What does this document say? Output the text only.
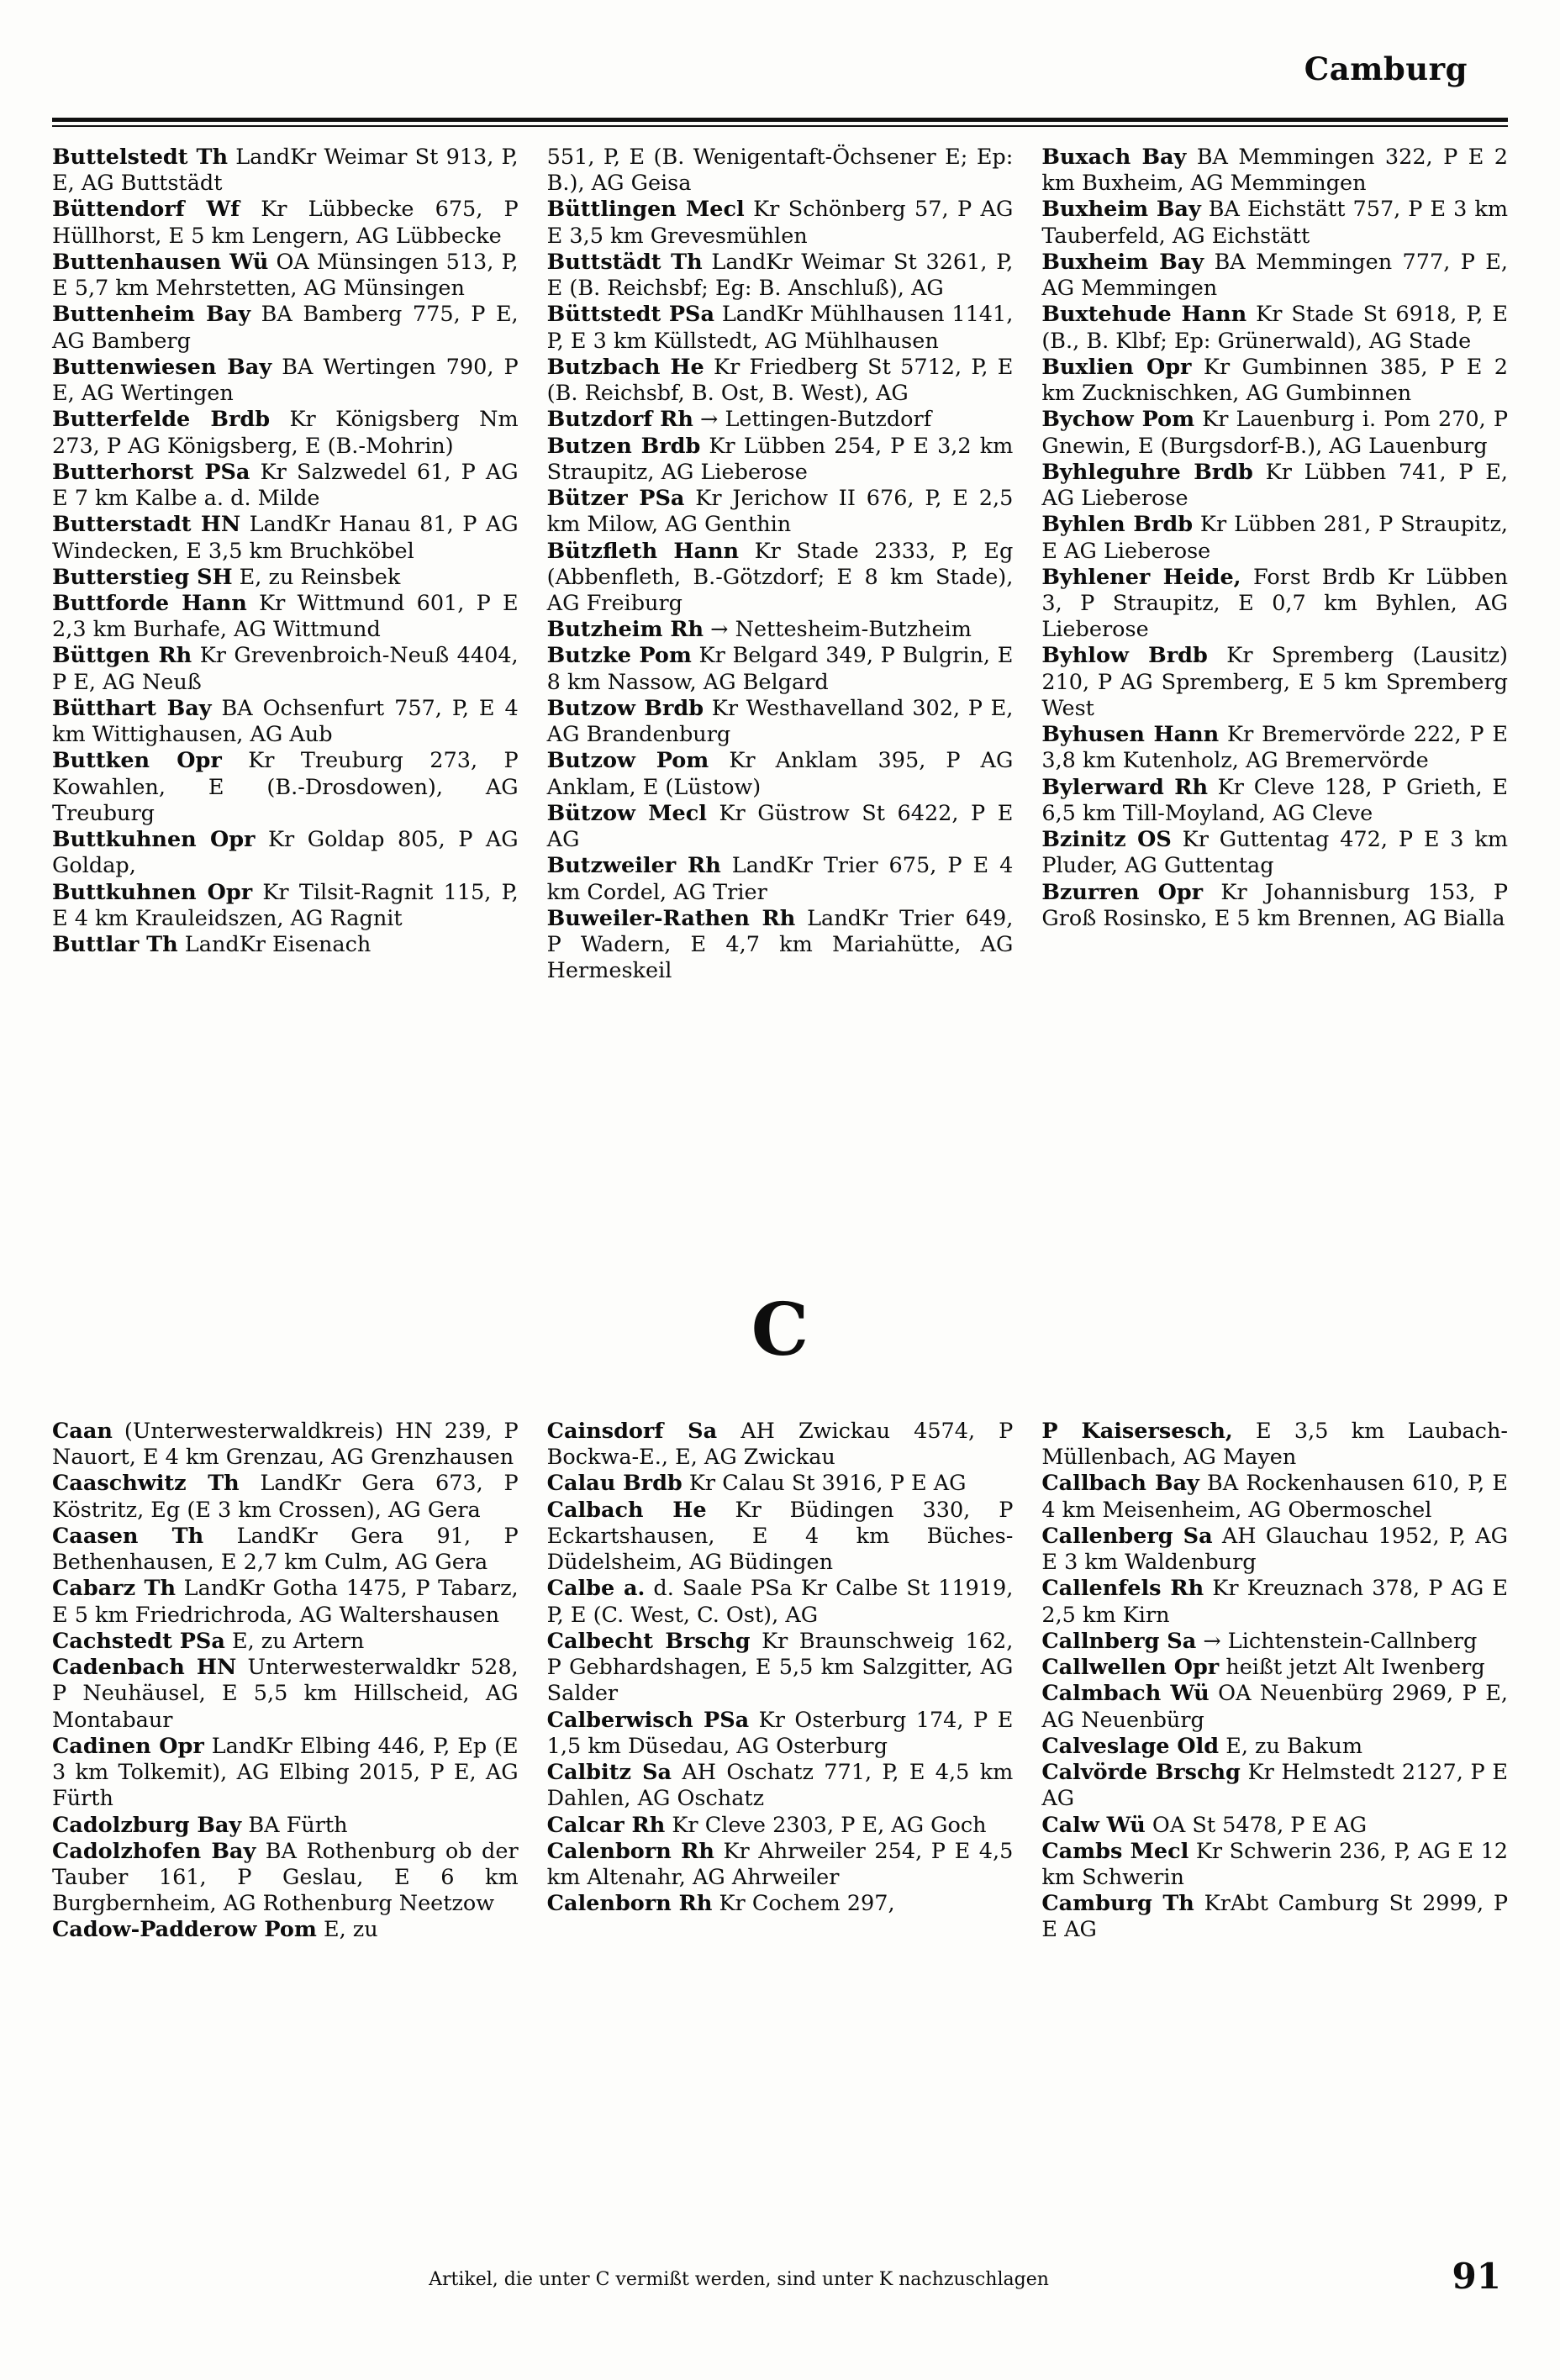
Camburg

Buttelstedt Th LandKr Weimar St 913, P, E, AG Buttstädt

Büttendorf Wf Kr Lübbecke 675, P Hüllhorst, E 5 km Lengern, AG Lübbecke

Buttenhausen Wü OA Münsingen 513, P, E 5,7 km Mehrstetten, AG Münsingen

Buttenheim Bay BA Bamberg 775, P E, AG Bamberg

Buttenwiesen Bay BA Wertingen 790, P E, AG Wertingen

Butterfelde Brdb Kr Königsberg Nm 273, P AG Königsberg, E (B.-Mohrin)

Butterhorst PSa Kr Salzwedel 61, P AG E 7 km Kalbe a. d. Milde

Butterstadt HN LandKr Hanau 81, P AG Windecken, E 3,5 km Bruchköbel

Butterstieg SH E, zu Reinsbek

Buttforde Hann Kr Wittmund 601, P E 2,3 km Burhafe, AG Wittmund

Büttgen Rh Kr Grevenbroich-Neuß 4404, P E, AG Neuß

Bütthart Bay BA Ochsenfurt 757, P, E 4 km Wittighausen, AG Aub

Buttken Opr Kr Treuburg 273, P Kowahlen, E (B.-Drosdowen), AG Treuburg

Buttkuhnen Opr Kr Goldap 805, P AG Goldap,

Buttkuhnen Opr Kr Tilsit-Ragnit 115, P, E 4 km Krauleidszen, AG Ragnit

Buttlar Th LandKr Eisenach

551, P, E (B. Wenigentaft-Öchsener E; Ep: B.), AG Geisa

Büttlingen Mecl Kr Schönberg 57, P AG E 3,5 km Grevesmühlen

Buttstädt Th LandKr Weimar St 3261, P, E (B. Reichsbf; Eg: B. Anschluß), AG

Büttstedt PSa LandKr Mühlhausen 1141, P, E 3 km Küllstedt, AG Mühlhausen

Butzbach He Kr Friedberg St 5712, P, E (B. Reichsbf, B. Ost, B. West), AG

Butzdorf Rh → Lettingen-Butzdorf

Butzen Brdb Kr Lübben 254, P E 3,2 km Straupitz, AG Lieberose

Bützer PSa Kr Jerichow II 676, P, E 2,5 km Milow, AG Genthin

Bützfleth Hann Kr Stade 2333, P, Eg (Abbenfleth, B.-Götzdorf; E 8 km Stade), AG Freiburg

Butzheim Rh → Nettesheim-Butzheim

Butzke Pom Kr Belgard 349, P Bulgrin, E 8 km Nassow, AG Belgard

Butzow Brdb Kr Westhavelland 302, P E, AG Brandenburg

Butzow Pom Kr Anklam 395, P AG Anklam, E (Lüstow)

Bützow Mecl Kr Güstrow St 6422, P E AG

Butzweiler Rh LandKr Trier 675, P E 4 km Cordel, AG Trier

Buweiler-Rathen Rh LandKr Trier 649, P Wadern, E 4,7 km Mariahütte, AG Hermeskeil

Buxach Bay BA Memmingen 322, P E 2 km Buxheim, AG Memmingen

Buxheim Bay BA Eichstätt 757, P E 3 km Tauberfeld, AG Eichstätt

Buxheim Bay BA Memmingen 777, P E, AG Memmingen

Buxtehude Hann Kr Stade St 6918, P, E (B., B. Klbf; Ep: Grünerwald), AG Stade

Buxlien Opr Kr Gumbinnen 385, P E 2 km Zucknischken, AG Gumbinnen

Bychow Pom Kr Lauenburg i. Pom 270, P Gnewin, E (Burgsdorf-B.), AG Lauenburg

Byhleguhre Brdb Kr Lübben 741, P E, AG Lieberose

Byhlen Brdb Kr Lübben 281, P Straupitz, E AG Lieberose

Byhlener Heide, Forst Brdb Kr Lübben 3, P Straupitz, E 0,7 km Byhlen, AG Lieberose

Byhlow Brdb Kr Spremberg (Lausitz) 210, P AG Spremberg, E 5 km Spremberg West

Byhusen Hann Kr Bremervörde 222, P E 3,8 km Kutenholz, AG Bremervörde

Bylerward Rh Kr Cleve 128, P Grieth, E 6,5 km Till-Moyland, AG Cleve

Bzinitz OS Kr Guttentag 472, P E 3 km Pluder, AG Guttentag

Bzurren Opr Kr Johannisburg 153, P Groß Rosinsko, E 5 km Brennen, AG Bialla

C

Caan (Unterwesterwaldkreis) HN 239, P Nauort, E 4 km Grenzau, AG Grenzhausen

Caaschwitz Th LandKr Gera 673, P Köstritz, Eg (E 3 km Crossen), AG Gera

Caasen Th LandKr Gera 91, P Bethenhausen, E 2,7 km Culm, AG Gera

Cabarz Th LandKr Gotha 1475, P Tabarz, E 5 km Friedrichroda, AG Waltershausen

Cachstedt PSa E, zu Artern

Cadenbach HN Unterwesterwaldkr 528, P Neuhäusel, E 5,5 km Hillscheid, AG Montabaur

Cadinen Opr LandKr Elbing 446, P, Ep (E 3 km Tolkemit), AG Elbing 2015, P E, AG Fürth

Cadolzburg Bay BA Fürth

Cadolzhofen Bay BA Rothenburg ob der Tauber 161, P Geslau, E 6 km Burgbernheim, AG Rothenburg Neetzow

Cadow-Padderow Pom E, zu

Cainsdorf Sa AH Zwickau 4574, P Bockwa-E., E, AG Zwickau

Calau Brdb Kr Calau St 3916, P E AG

Calbach He Kr Büdingen 330, P Eckartshausen, E 4 km Büches-Düdelsheim, AG Büdingen

Calbe a. d. Saale PSa Kr Calbe St 11919, P, E (C. West, C. Ost), AG

Calbecht Brschg Kr Braunschweig 162, P Gebhardshagen, E 5,5 km Salzgitter, AG Salder

Calberwisch PSa Kr Osterburg 174, P E 1,5 km Düsedau, AG Osterburg

Calbitz Sa AH Oschatz 771, P, E 4,5 km Dahlen, AG Oschatz

Calcar Rh Kr Cleve 2303, P E, AG Goch

Calenborn Rh Kr Ahrweiler 254, P E 4,5 km Altenahr, AG Ahrweiler

Calenborn Rh Kr Cochem 297,

P Kaisersesch, E 3,5 km Laubach-Müllenbach, AG Mayen

Callbach Bay BA Rockenhausen 610, P, E 4 km Meisenheim, AG Obermoschel

Callenberg Sa AH Glauchau 1952, P, AG E 3 km Waldenburg

Callenfels Rh Kr Kreuznach 378, P AG E 2,5 km Kirn

Callnberg Sa → Lichtenstein-Callnberg

Callwellen Opr heißt jetzt Alt Iwenberg

Calmbach Wü OA Neuenbürg 2969, P E, AG Neuenbürg

Calveslage Old E, zu Bakum

Calvörde Brschg Kr Helmstedt 2127, P E AG

Calw Wü OA St 5478, P E AG

Cambs Mecl Kr Schwerin 236, P, AG E 12 km Schwerin

Camburg Th KrAbt Camburg St 2999, P E AG

Artikel, die unter C vermißt werden, sind unter K nachzuschlagen	91
